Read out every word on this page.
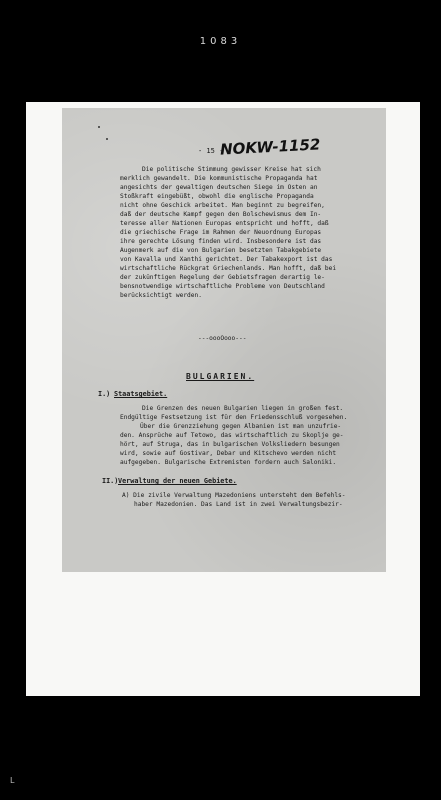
1083
L
- 15 -
NOKW-1152
Die politische Stimmung gewisser Kreise hat sich
merklich gewandelt. Die kommunistische Propaganda hat
angesichts der gewaltigen deutschen Siege im Osten an
Stoßkraft eingebüßt, obwohl die englische Propaganda
nicht ohne Geschick arbeitet. Man beginnt zu begreifen,
daß der deutsche Kampf gegen den Bolschewismus dem In-
teresse aller Nationen Europas entspricht und hofft, daß
die griechische Frage im Rahmen der Neuordnung Europas
ihre gerechte Lösung finden wird. Insbesondere ist das
Augenmerk auf die von Bulgarien besetzten Tabakgebiete
von Kavalla und Xanthi gerichtet. Der Tabakexport ist das
wirtschaftliche Rückgrat Griechenlands. Man hofft, daß bei
der zukünftigen Regelung der Gebietsfragen derartig le-
bensnotwendige wirtschaftliche Probleme von Deutschland
berücksichtigt werden.
---oooOooo---
BULGARIEN.
I.) Staatsgebiet.
Die Grenzen des neuen Bulgarien liegen in großen fest.
Endgültige Festsetzung ist für den Friedensschluß vorgesehen.
Über die Grenzziehung gegen Albanien ist man unzufrie-
den. Ansprüche auf Tetowo, das wirtschaftlich zu Skoplje ge-
hört, auf Struga, das in bulgarischen Volksliedern besungen
wird, sowie auf Gostivar, Debar und Kitschevo werden nicht
aufgegeben. Bulgarische Extremisten fordern auch Saloniki.
II.) Verwaltung der neuen Gebiete.
A) Die zivile Verwaltung Mazedoniens untersteht dem Befehls-
haber Mazedonien. Das Land ist in zwei Verwaltungsbezir-
